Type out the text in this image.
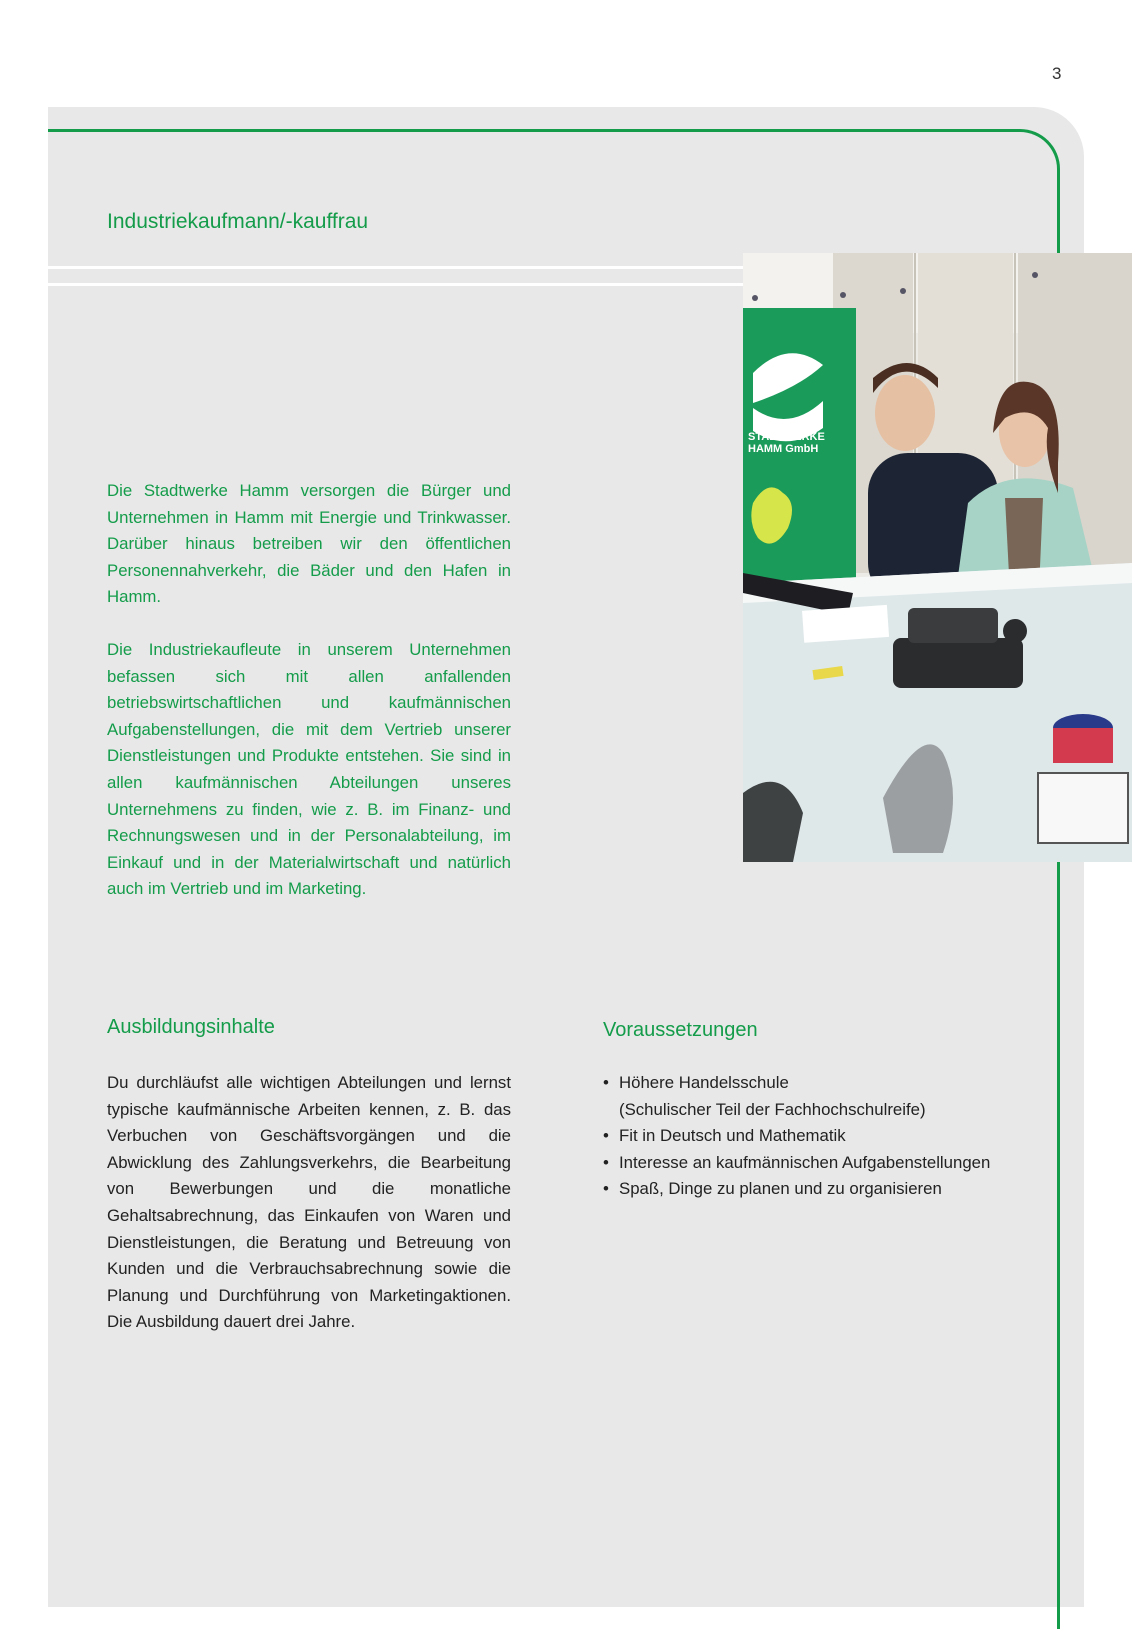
3
Industriekaufmann/-kauffrau

Die Stadtwerke Hamm versorgen die Bürger und Unternehmen in Hamm mit Energie und Trinkwasser. Darüber hinaus betreiben wir den öffentlichen Personennahverkehr, die Bäder und den Hafen in Hamm.

Die Industriekaufleute in unserem Unternehmen befassen sich mit allen anfallenden betriebswirtschaftlichen und kaufmännischen Aufgabenstellungen, die mit dem Vertrieb unserer Dienstleistungen und Produkte entstehen. Sie sind in allen kaufmännischen Abteilungen unseres Unternehmens zu finden, wie z. B. im Finanz- und Rechnungswesen und in der Personalabteilung, im Einkauf und in der Materialwirtschaft und natürlich auch im Vertrieb und im Marketing.

STADTWERKE
HAMM GmbH
Ausbildungsinhalte

Du durchläufst alle wichtigen Abteilungen und lernst typische kaufmännische Arbeiten kennen, z. B. das Verbuchen von Geschäftsvorgängen und die Abwicklung des Zahlungsverkehrs, die Bearbeitung von Bewerbungen und die monatliche Gehaltsabrechnung, das Einkaufen von Waren und Dienstleistungen, die Beratung und Betreuung von Kunden und die Verbrauchsabrechnung sowie die Planung und Durchführung von Marketingaktionen. Die Ausbildung dauert drei Jahre.

Voraussetzungen
• Höhere Handelsschule
(Schulischer Teil der Fachhochschulreife)
• Fit in Deutsch und Mathematik
• Interesse an kaufmännischen Aufgabenstellungen
• Spaß, Dinge zu planen und zu organisieren
